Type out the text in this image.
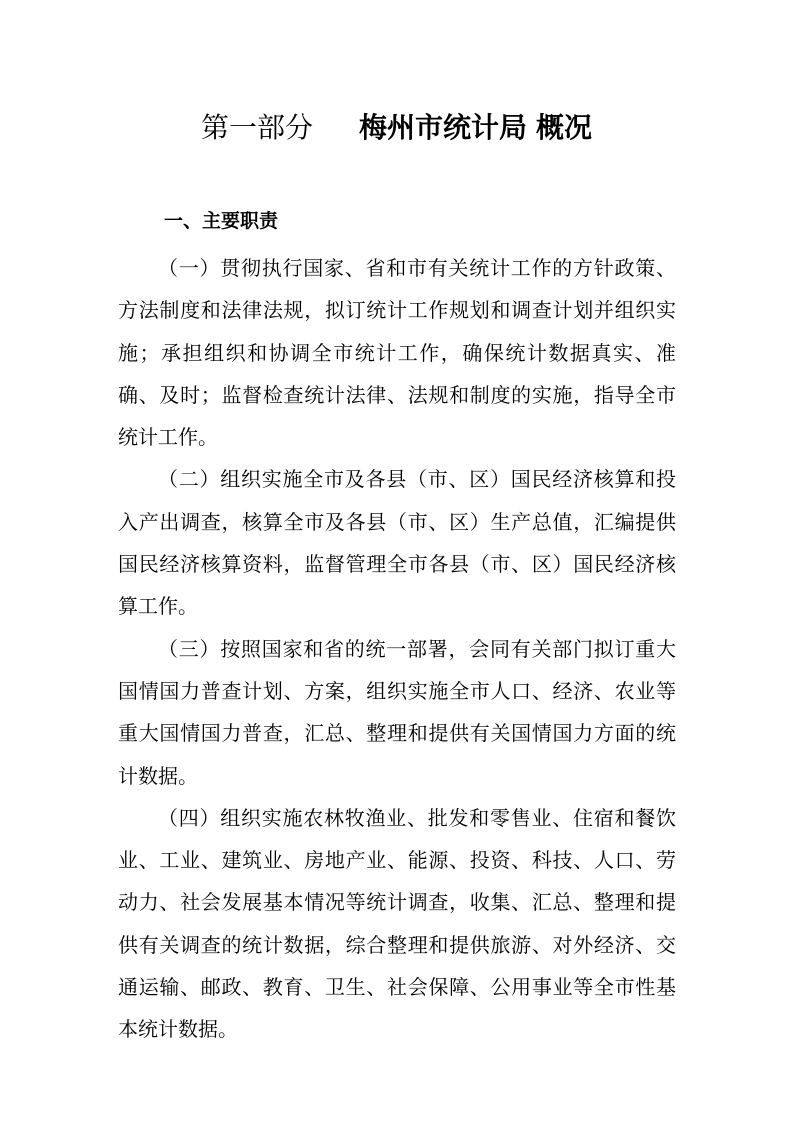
第一部分 梅州市统计局 概况
一、主要职责

（一）贯彻执行国家、省和市有关统计工作的方针政策、方法制度和法律法规，拟订统计工作规划和调查计划并组织实施；承担组织和协调全市统计工作，确保统计数据真实、准确、及时；监督检查统计法律、法规和制度的实施，指导全市统计工作。

（二）组织实施全市及各县（市、区）国民经济核算和投入产出调查，核算全市及各县（市、区）生产总值，汇编提供国民经济核算资料，监督管理全市各县（市、区）国民经济核算工作。

（三）按照国家和省的统一部署，会同有关部门拟订重大国情国力普查计划、方案，组织实施全市人口、经济、农业等重大国情国力普查，汇总、整理和提供有关国情国力方面的统计数据。

（四）组织实施农林牧渔业、批发和零售业、住宿和餐饮业、工业、建筑业、房地产业、能源、投资、科技、人口、劳动力、社会发展基本情况等统计调查，收集、汇总、整理和提供有关调查的统计数据，综合整理和提供旅游、对外经济、交通运输、邮政、教育、卫生、社会保障、公用事业等全市性基本统计数据。
